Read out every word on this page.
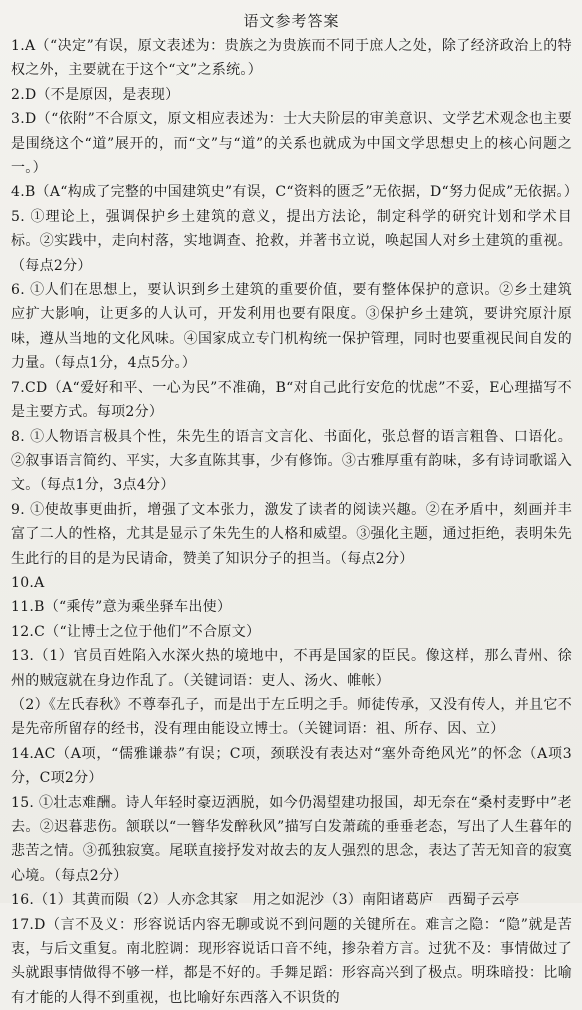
语文参考答案

1.A（“决定”有误，原文表述为：贵族之为贵族而不同于庶人之处，除了经济政治上的特权之外，主要就在于这个“文”之系统。）

2.D（不是原因，是表现）

3.D（“依附”不合原文，原文相应表述为：士大夫阶层的审美意识、文学艺术观念也主要是围绕这个“道”展开的，而“文”与“道”的关系也就成为中国文学思想史上的核心问题之一。）

4.B（A“构成了完整的中国建筑史”有误，C“资料的匮乏”无依据，D“努力促成”无依据。）

5. ①理论上，强调保护乡土建筑的意义，提出方法论，制定科学的研究计划和学术目标。②实践中，走向村落，实地调查、抢救，并著书立说，唤起国人对乡土建筑的重视。（每点2分）

6. ①人们在思想上，要认识到乡土建筑的重要价值，要有整体保护的意识。②乡土建筑应扩大影响，让更多的人认可，开发利用也要有限度。③保护乡土建筑，要讲究原汁原味，遵从当地的文化风味。④国家成立专门机构统一保护管理，同时也要重视民间自发的力量。（每点1分，4点5分。）

7.CD（A“爱好和平、一心为民”不准确，B“对自己此行安危的忧虑”不妥，E心理描写不是主要方式。每项2分）

8. ①人物语言极具个性，朱先生的语言文言化、书面化，张总督的语言粗鲁、口语化。②叙事语言简约、平实，大多直陈其事，少有修饰。③古雅厚重有韵味，多有诗词歌谣入文。（每点1分，3点4分）

9. ①使故事更曲折，增强了文本张力，激发了读者的阅读兴趣。②在矛盾中，刻画并丰富了二人的性格，尤其是显示了朱先生的人格和威望。③强化主题，通过拒绝，表明朱先生此行的目的是为民请命，赞美了知识分子的担当。（每点2分）

10.A

11.B（“乘传”意为乘坐驿车出使）

12.C（“让博士之位于他们”不合原文）

13.（1）官员百姓陷入水深火热的境地中，不再是国家的臣民。像这样，那么青州、徐州的贼寇就在身边作乱了。（关键词语：吏人、汤火、帷帐）

（2）《左氏春秋》不尊奉孔子，而是出于左丘明之手。师徒传承，又没有传人，并且它不是先帝所留存的经书，没有理由能设立博士。（关键词语：祖、所存、因、立）

14.AC（A项，“儒雅谦恭”有误；C项，颈联没有表达对“塞外奇绝风光”的怀念（A项3分，C项2分）

15. ①壮志难酬。诗人年轻时豪迈洒脱，如今仍渴望建功报国，却无奈在“桑村麦野中”老去。②迟暮悲伤。颔联以“一簪华发醉秋风”描写白发萧疏的垂垂老态，写出了人生暮年的悲苦之情。③孤独寂寞。尾联直接抒发对故去的友人强烈的思念，表达了苦无知音的寂寞心境。（每点2分）

16.（1）其黄而陨（2）人亦念其家　用之如泥沙（3）南阳诸葛庐　西蜀子云亭

17.D（言不及义：形容说话内容无聊或说不到问题的关键所在。难言之隐：“隐”就是苦衷，与后文重复。南北腔调：现形容说话口音不纯，掺杂着方言。过犹不及：事情做过了头就跟事情做得不够一样，都是不好的。手舞足蹈：形容高兴到了极点。明珠暗投：比喻有才能的人得不到重视，也比喻好东西落入不识货的
